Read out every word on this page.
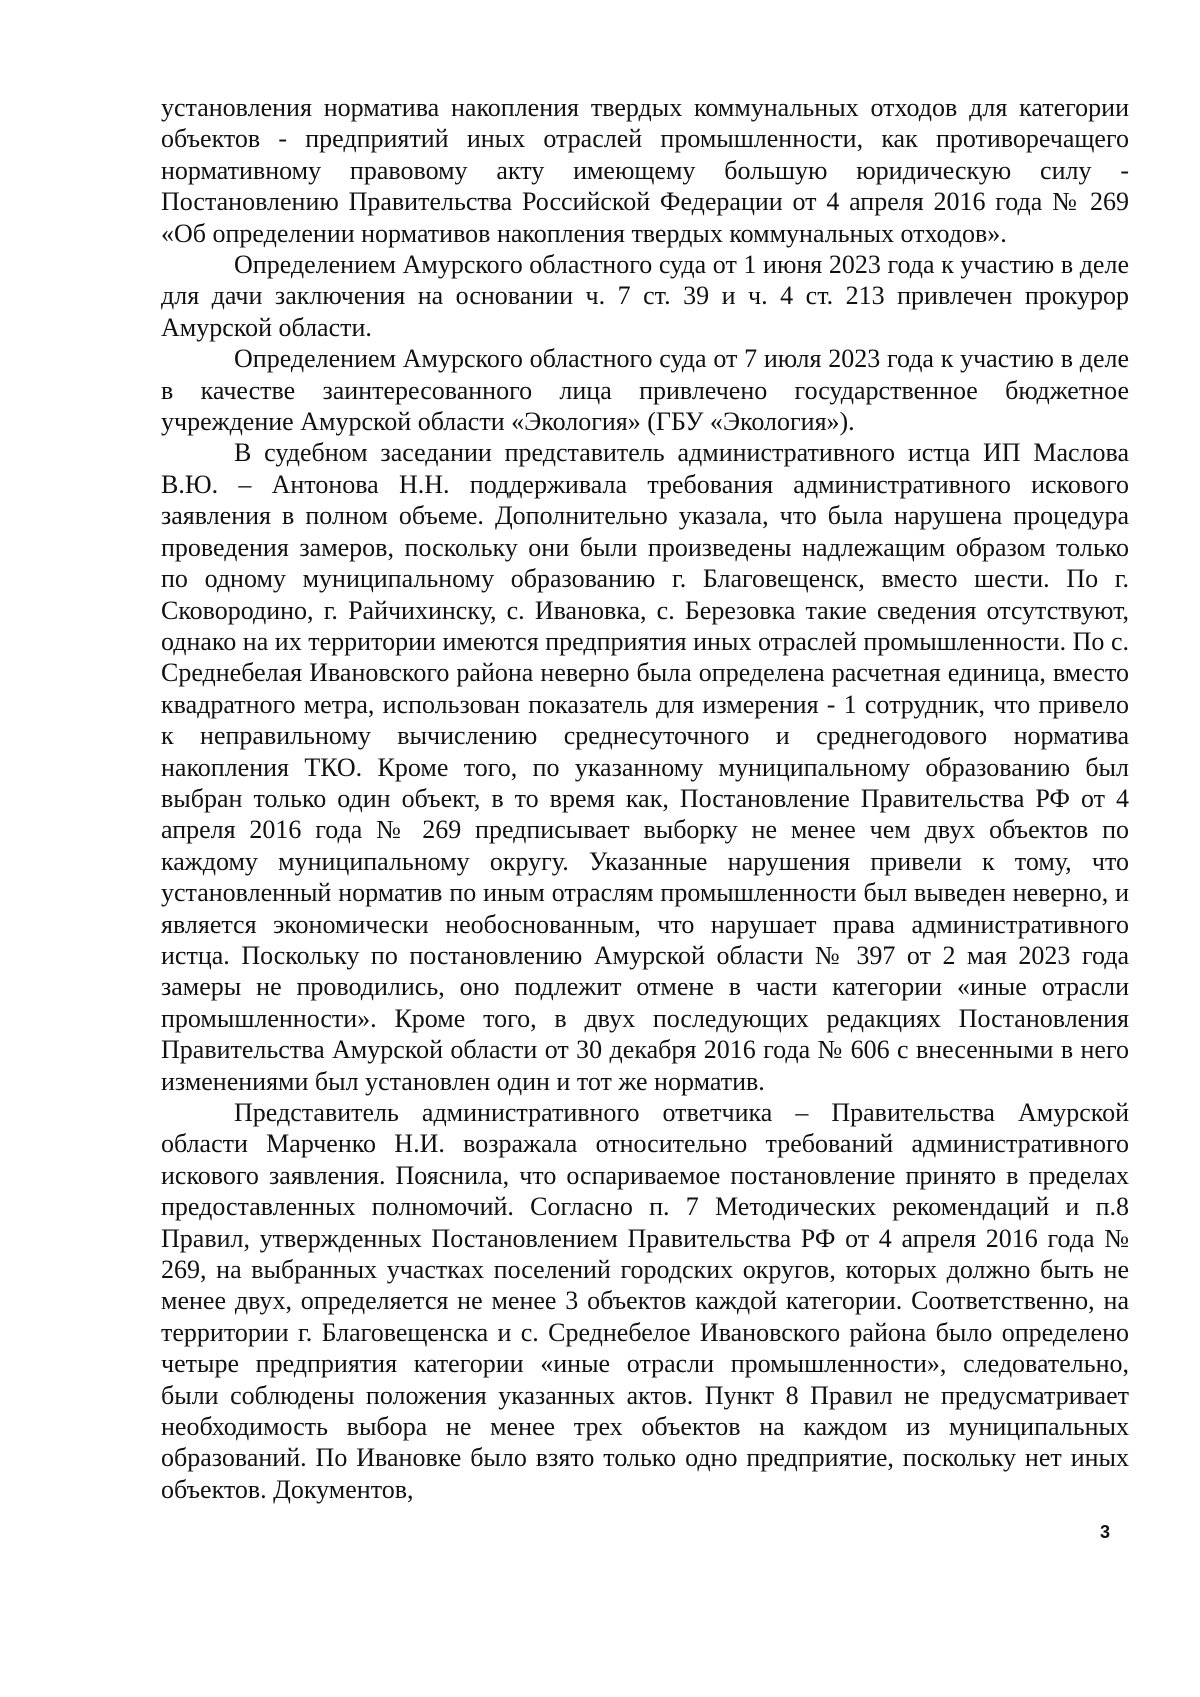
установления норматива накопления твердых коммунальных отходов для категории объектов - предприятий иных отраслей промышленности, как противоречащего нормативному правовому акту имеющему большую юридическую силу - Постановлению Правительства Российской Федерации от 4 апреля 2016 года № 269 «Об определении нормативов накопления твердых коммунальных отходов».

Определением Амурского областного суда от 1 июня 2023 года к участию в деле для дачи заключения на основании ч. 7 ст. 39 и ч. 4 ст. 213 привлечен прокурор Амурской области.

Определением Амурского областного суда от 7 июля 2023 года к участию в деле в качестве заинтересованного лица привлечено государственное бюджетное учреждение Амурской области «Экология» (ГБУ «Экология»).

В судебном заседании представитель административного истца ИП Маслова В.Ю. – Антонова Н.Н. поддерживала требования административного искового заявления в полном объеме. Дополнительно указала, что была нарушена процедура проведения замеров, поскольку они были произведены надлежащим образом только по одному муниципальному образованию г. Благовещенск, вместо шести. По г. Сковородино, г. Райчихинску, с. Ивановка, с. Березовка такие сведения отсутствуют, однако на их территории имеются предприятия иных отраслей промышленности. По с. Среднебелая Ивановского района неверно была определена расчетная единица, вместо квадратного метра, использован показатель для измерения - 1 сотрудник, что привело к неправильному вычислению среднесуточного и среднегодового норматива накопления ТКО. Кроме того, по указанному муниципальному образованию был выбран только один объект, в то время как, Постановление Правительства РФ от 4 апреля 2016 года № 269 предписывает выборку не менее чем двух объектов по каждому муниципальному округу. Указанные нарушения привели к тому, что установленный норматив по иным отраслям промышленности был выведен неверно, и является экономически необоснованным, что нарушает права административного истца. Поскольку по постановлению Амурской области № 397 от 2 мая 2023 года замеры не проводились, оно подлежит отмене в части категории «иные отрасли промышленности». Кроме того, в двух последующих редакциях Постановления Правительства Амурской области от 30 декабря 2016 года № 606 с внесенными в него изменениями был установлен один и тот же норматив.

Представитель административного ответчика – Правительства Амурской области Марченко Н.И. возражала относительно требований административного искового заявления. Пояснила, что оспариваемое постановление принято в пределах предоставленных полномочий. Согласно п. 7 Методических рекомендаций и п.8 Правил, утвержденных Постановлением Правительства РФ от 4 апреля 2016 года № 269, на выбранных участках поселений городских округов, которых должно быть не менее двух, определяется не менее 3 объектов каждой категории. Соответственно, на территории г. Благовещенска и с. Среднебелое Ивановского района было определено четыре предприятия категории «иные отрасли промышленности», следовательно, были соблюдены положения указанных актов. Пункт 8 Правил не предусматривает необходимость выбора не менее трех объектов на каждом из муниципальных образований. По Ивановке было взято только одно предприятие, поскольку нет иных объектов. Документов,

3
